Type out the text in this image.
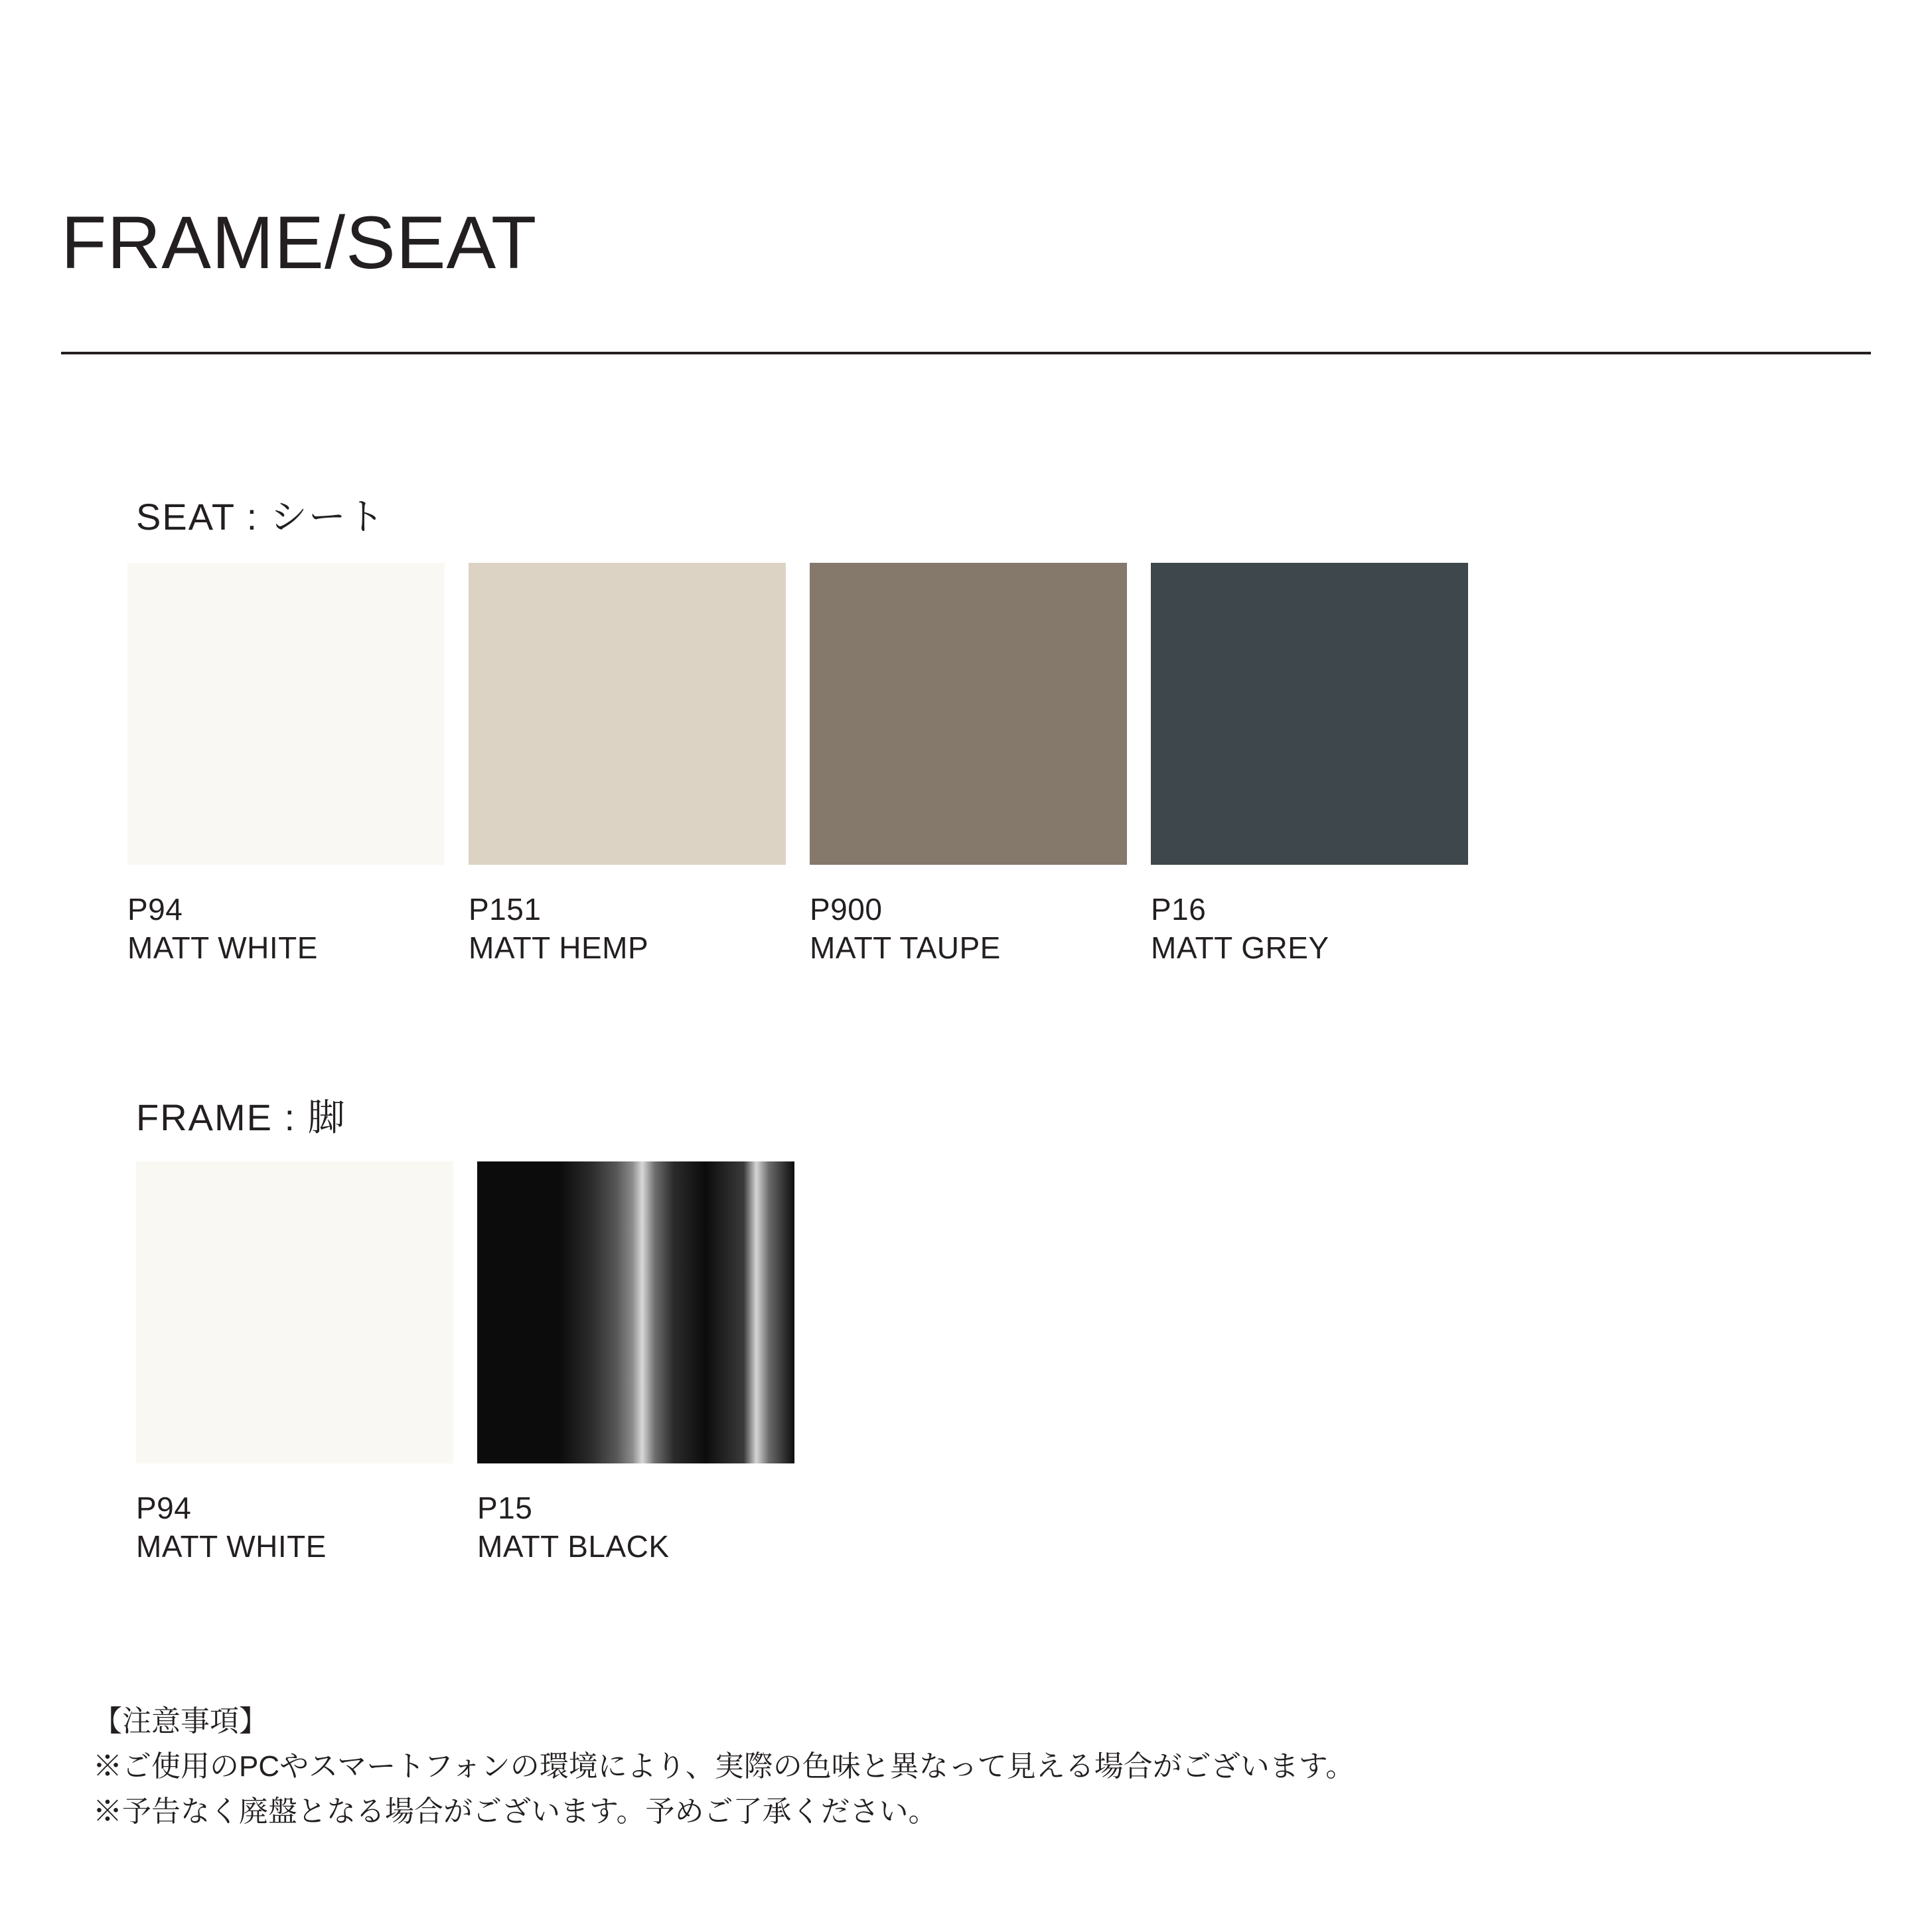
FRAME/SEAT
SEAT : シート
P94
MATT WHITE
P151
MATT HEMP
P900
MATT TAUPE
P16
MATT GREY
FRAME : 脚
P94
MATT WHITE
P15
MATT BLACK
【注意事項】
※ご使用のPCやスマートフォンの環境により、実際の色味と異なって見える場合がございます。
※予告なく廃盤となる場合がございます。予めご了承ください。
